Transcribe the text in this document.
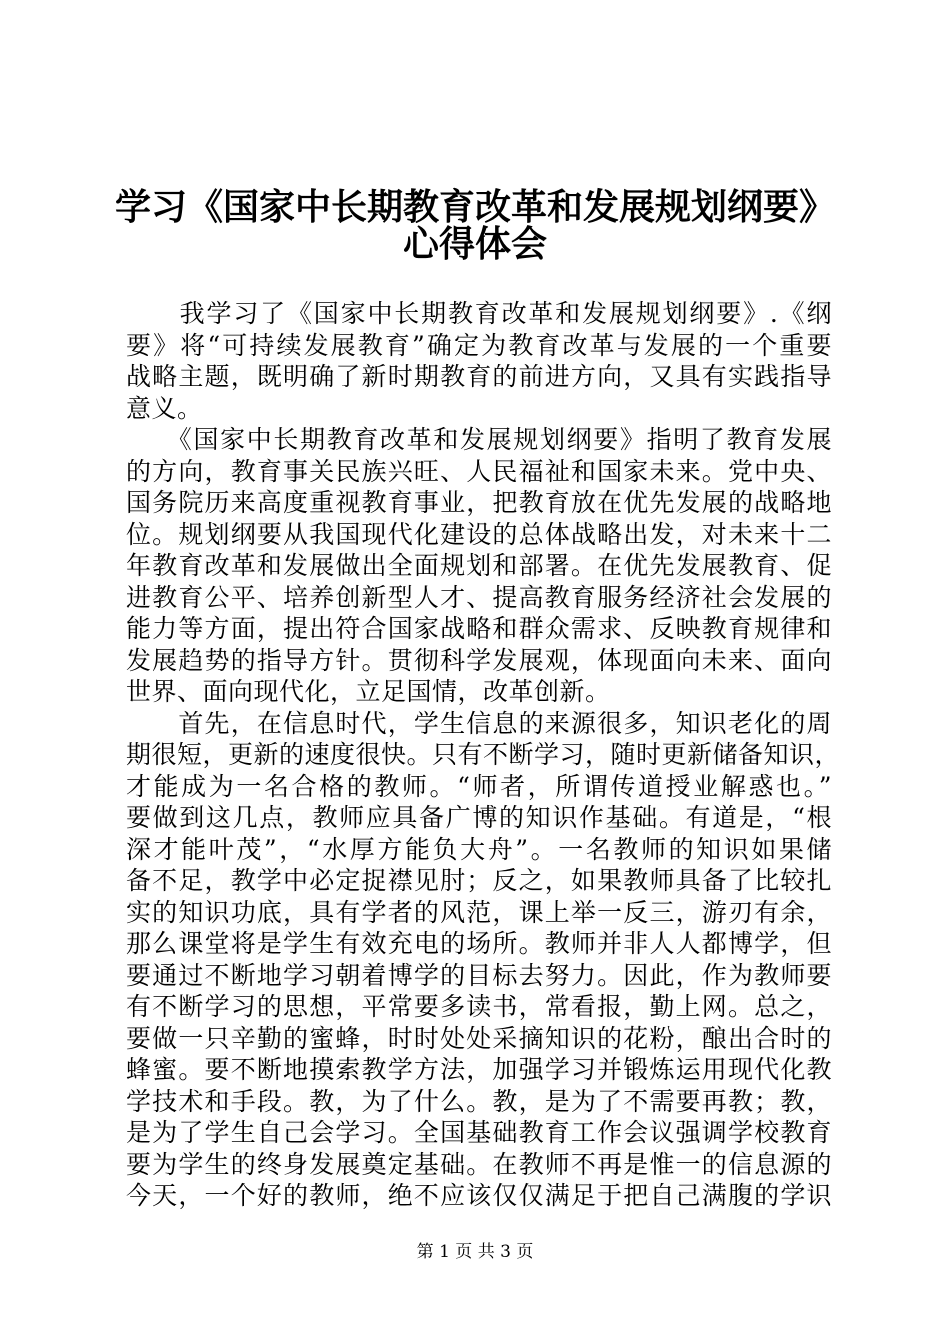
学习《国家中长期教育改革和发展规划纲要》
心得体会
　　我学习了《国家中长期教育改革和发展规划纲要》.《纲
要》将“可持续发展教育”确定为教育改革与发展的一个重要
战略主题，既明确了新时期教育的前进方向，又具有实践指导
意义。
　　《国家中长期教育改革和发展规划纲要》指明了教育发展
的方向，教育事关民族兴旺、人民福祉和国家未来。党中央、
国务院历来高度重视教育事业，把教育放在优先发展的战略地
位。规划纲要从我国现代化建设的总体战略出发，对未来十二
年教育改革和发展做出全面规划和部署。在优先发展教育、促
进教育公平、培养创新型人才、提高教育服务经济社会发展的
能力等方面，提出符合国家战略和群众需求、反映教育规律和
发展趋势的指导方针。贯彻科学发展观，体现面向未来、面向
世界、面向现代化，立足国情，改革创新。
　　首先，在信息时代，学生信息的来源很多，知识老化的周
期很短，更新的速度很快。只有不断学习，随时更新储备知识，
才能成为一名合格的教师。“师者，所谓传道授业解惑也。”
要做到这几点，教师应具备广博的知识作基础。有道是，“根
深才能叶茂”，“水厚方能负大舟”。一名教师的知识如果储
备不足，教学中必定捉襟见肘；反之，如果教师具备了比较扎
实的知识功底，具有学者的风范，课上举一反三，游刃有余，
那么课堂将是学生有效充电的场所。教师并非人人都博学，但
要通过不断地学习朝着博学的目标去努力。因此，作为教师要
有不断学习的思想，平常要多读书，常看报，勤上网。总之，
要做一只辛勤的蜜蜂，时时处处采摘知识的花粉，酿出合时的
蜂蜜。要不断地摸索教学方法，加强学习并锻炼运用现代化教
学技术和手段。教，为了什么。教，是为了不需要再教；教，
是为了学生自己会学习。全国基础教育工作会议强调学校教育
要为学生的终身发展奠定基础。在教师不再是惟一的信息源的
今天，一个好的教师，绝不应该仅仅满足于把自己满腹的学识
第 1 页 共 3 页
